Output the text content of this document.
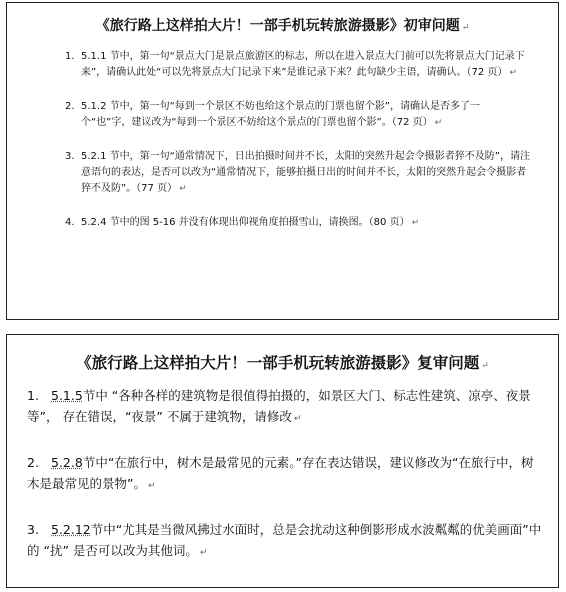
《旅行路上这样拍大片！一部手机玩转旅游摄影》初审问题 ↵
1. 5.1.1 节中，第一句“景点大门是景点旅游区的标志，所以在进入景点大门前可以先将景点大门记录下来”，请确认此处“可以先将景点大门记录下来”是谁记录下来？此句缺少主语，请确认。（72 页） ↵
2. 5.1.2 节中，第一句“每到一个景区不妨也给这个景点的门票也留个影”，请确认是否多了一个“也”字，建议改为“每到一个景区不妨给这个景点的门票也留个影”。（72 页） ↵
3. 5.2.1 节中，第一句“通常情况下，日出拍摄时间并不长，太阳的突然升起会令摄影者猝不及防”，请注意语句的表达，是否可以改为“通常情况下，能够拍摄日出的时间并不长，太阳的突然升起会令摄影者猝不及防”。（77 页） ↵
4. 5.2.4 节中的图 5-16 并没有体现出仰视角度拍摄雪山，请换图。（80 页） ↵
《旅行路上这样拍大片！一部手机玩转旅游摄影》复审问题 ↵
1. 5.1.5节中 “各种各样的建筑物是很值得拍摄的，如景区大门、标志性建筑、凉亭、夜景等”， 存在错误，“夜景” 不属于建筑物，请修改 ↵
2. 5.2.8节中“在旅行中，树木是最常见的元素。”存在表达错误，建议修改为“在旅行中，树木是最常见的景物”。 ↵
3. 5.2.12节中“尤其是当微风拂过水面时，总是会扰动这种倒影形成水波粼粼的优美画面”中的 “扰” 是否可以改为其他词。 ↵
